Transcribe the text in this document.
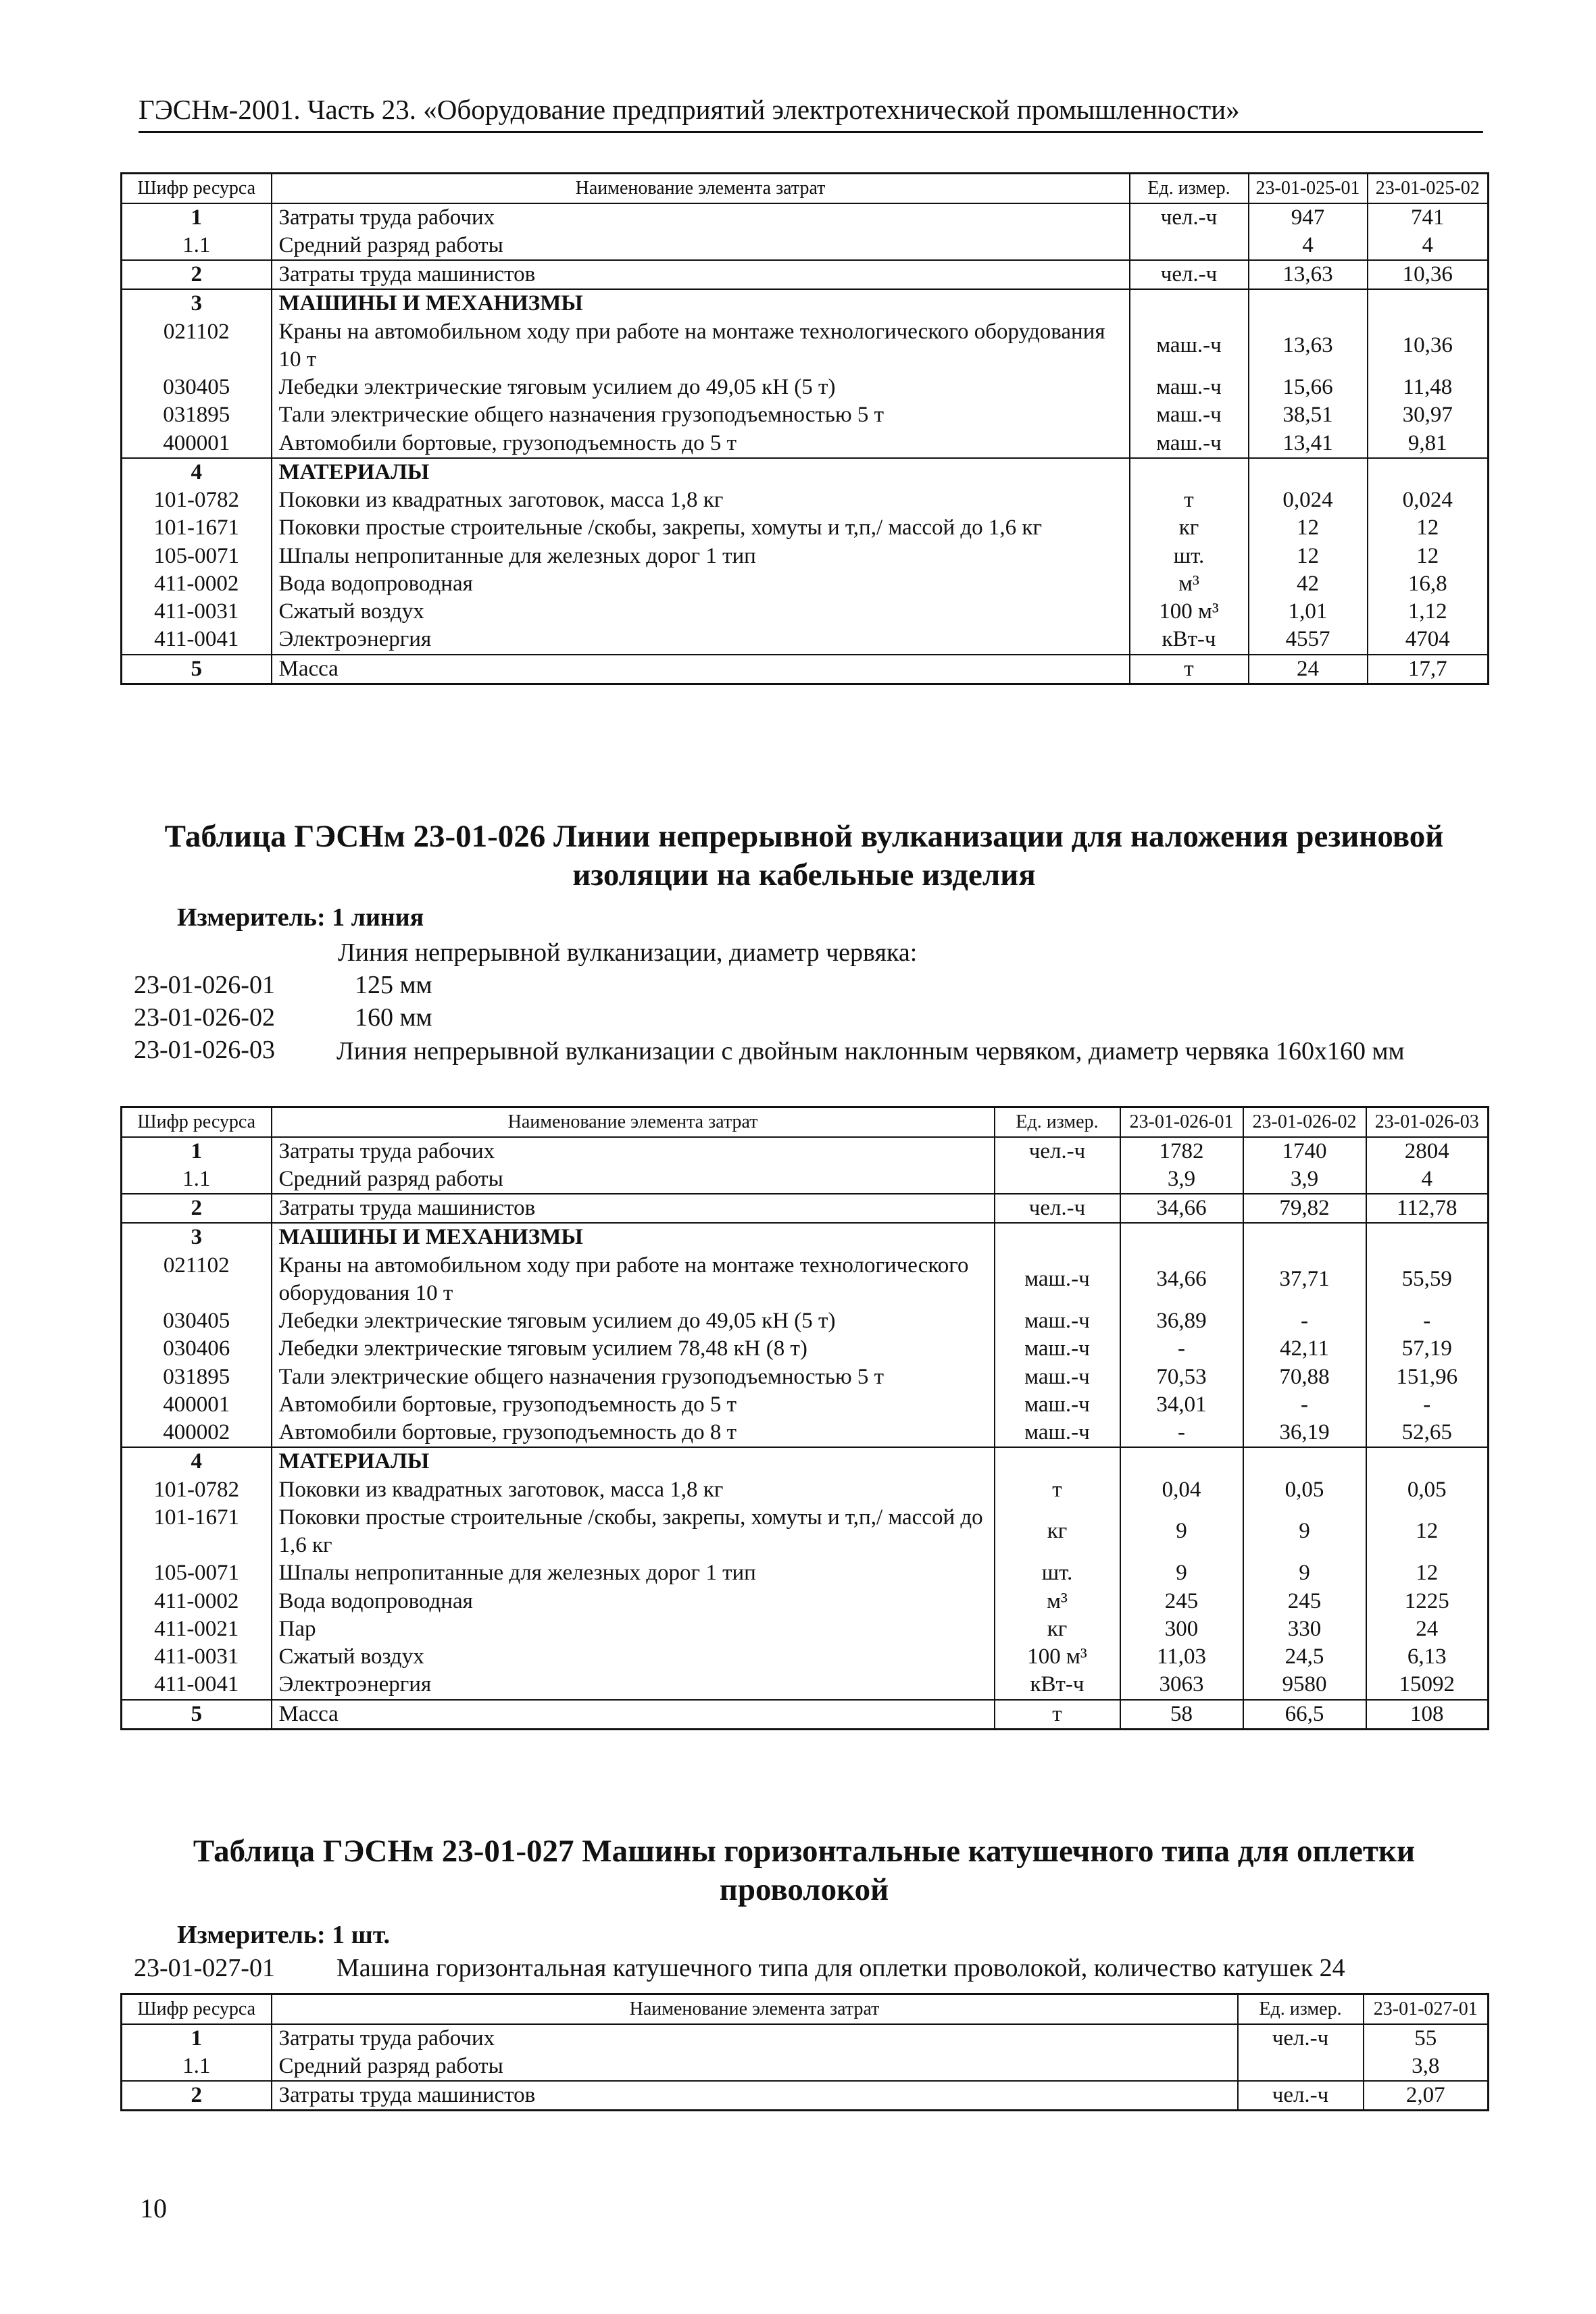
ГЭСНм-2001. Часть 23. «Оборудование предприятий электротехнической промышленности»
Шифр ресурса	Наименование элемента затрат	Ед. измер.	23-01-025-01	23-01-025-02
1	Затраты труда рабочих	чел.-ч	947	741
1.1	Средний разряд работы		4	4
2	Затраты труда машинистов	чел.-ч	13,63	10,36
3	МАШИНЫ И МЕХАНИЗМЫ			
021102	Краны на автомобильном ходу при работе на монтаже технологического оборудования 10 т	маш.-ч	13,63	10,36
030405	Лебедки электрические тяговым усилием до 49,05 кН (5 т)	маш.-ч	15,66	11,48
031895	Тали электрические общего назначения грузоподъемностью 5 т	маш.-ч	38,51	30,97
400001	Автомобили бортовые, грузоподъемность до 5 т	маш.-ч	13,41	9,81
4	МАТЕРИАЛЫ			
101-0782	Поковки из квадратных заготовок, масса 1,8 кг	т	0,024	0,024
101-1671	Поковки простые строительные /скобы, закрепы, хомуты и т,п,/ массой до 1,6 кг	кг	12	12
105-0071	Шпалы непропитанные для железных дорог 1 тип	шт.	12	12
411-0002	Вода водопроводная	м³	42	16,8
411-0031	Сжатый воздух	100 м³	1,01	1,12
411-0041	Электроэнергия	кВт-ч	4557	4704
5	Масса	т	24	17,7
Таблица ГЭСНм 23-01-026 Линии непрерывной вулканизации для наложения резиновой изоляции на кабельные изделия
Измеритель: 1 линия
Линия непрерывной вулканизации, диаметр червяка:
23-01-026-01	125 мм
23-01-026-02	160 мм
23-01-026-03 Линия непрерывной вулканизации с двойным наклонным червяком, диаметр червяка 160х160 мм
Шифр ресурса	Наименование элемента затрат	Ед. измер.	23-01-026-01	23-01-026-02	23-01-026-03
1	Затраты труда рабочих	чел.-ч	1782	1740	2804
1.1	Средний разряд работы		3,9	3,9	4
2	Затраты труда машинистов	чел.-ч	34,66	79,82	112,78
3	МАШИНЫ И МЕХАНИЗМЫ				
021102	Краны на автомобильном ходу при работе на монтаже технологического оборудования 10 т	маш.-ч	34,66	37,71	55,59
030405	Лебедки электрические тяговым усилием до 49,05 кН (5 т)	маш.-ч	36,89	-	-
030406	Лебедки электрические тяговым усилием 78,48 кН (8 т)	маш.-ч	-	42,11	57,19
031895	Тали электрические общего назначения грузоподъемностью 5 т	маш.-ч	70,53	70,88	151,96
400001	Автомобили бортовые, грузоподъемность до 5 т	маш.-ч	34,01	-	-
400002	Автомобили бортовые, грузоподъемность до 8 т	маш.-ч	-	36,19	52,65
4	МАТЕРИАЛЫ				
101-0782	Поковки из квадратных заготовок, масса 1,8 кг	т	0,04	0,05	0,05
101-1671	Поковки простые строительные /скобы, закрепы, хомуты и т,п,/ массой до 1,6 кг	кг	9	9	12
105-0071	Шпалы непропитанные для железных дорог 1 тип	шт.	9	9	12
411-0002	Вода водопроводная	м³	245	245	1225
411-0021	Пар	кг	300	330	24
411-0031	Сжатый воздух	100 м³	11,03	24,5	6,13
411-0041	Электроэнергия	кВт-ч	3063	9580	15092
5	Масса	т	58	66,5	108
Таблица ГЭСНм 23-01-027 Машины горизонтальные катушечного типа для оплетки проволокой
Измеритель: 1 шт.
23-01-027-01 Машина горизонтальная катушечного типа для оплетки проволокой, количество катушек 24
Шифр ресурса	Наименование элемента затрат	Ед. измер.	23-01-027-01
1	Затраты труда рабочих	чел.-ч	55
1.1	Средний разряд работы		3,8
2	Затраты труда машинистов	чел.-ч	2,07
10
